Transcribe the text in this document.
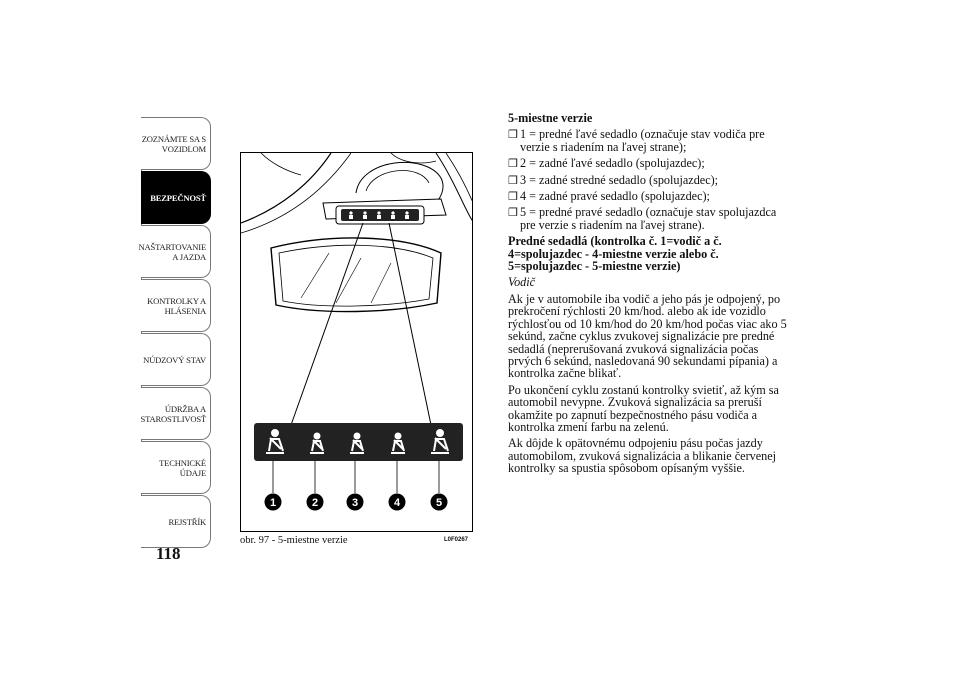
ZOZNÁMTE SA S
VOZIDLOM
BEZPEČNOSŤ
NAŠTARTOVANIE
A JAZDA
KONTROLKY A
HLÁSENIA
NÚDZOVÝ STAV
ÚDRŽBA A
STAROSTLIVOSŤ
TECHNICKÉ
ÚDAJE
REJSTŘÍK
118
1	2	3	4	5
obr. 97 - 5-miestne verzie	L0F0267

5-miestne verzie

❒ 1 = predné ľavé sedadlo (označuje stav vodiča pre verzie s riadením na ľavej strane);
❒ 2 = zadné ľavé sedadlo (spolujazdec);
❒ 3 = zadné stredné sedadlo (spolujazdec);
❒ 4 = zadné pravé sedadlo (spolujazdec);
❒ 5 = predné pravé sedadlo (označuje stav spolujazdca pre verzie s riadením na ľavej strane).

Predné sedadlá (kontrolka č. 1=vodič a č. 4=spolujazdec - 4-miestne verzie alebo č. 5=spolujazdec - 5-miestne verzie)

Vodič

Ak je v automobile iba vodič a jeho pás je odpojený, po prekročení rýchlosti 20 km/hod. alebo ak ide vozidlo rýchlosťou od 10 km/hod do 20 km/hod počas viac ako 5 sekúnd, začne cyklus zvukovej signalizácie pre predné sedadlá (neprerušovaná zvuková signalizácia počas prvých 6 sekúnd, nasledovaná 90 sekundami pípania) a kontrolka začne blikať.

Po ukončení cyklu zostanú kontrolky svietiť, až kým sa automobil nevypne. Zvuková signalizácia sa preruší okamžite po zapnutí bezpečnostného pásu vodiča a kontrolka zmení farbu na zelenú.

Ak dôjde k opätovnému odpojeniu pásu počas jazdy automobilom, zvuková signalizácia a blikanie červenej kontrolky sa spustia spôsobom opísaným vyššie.
